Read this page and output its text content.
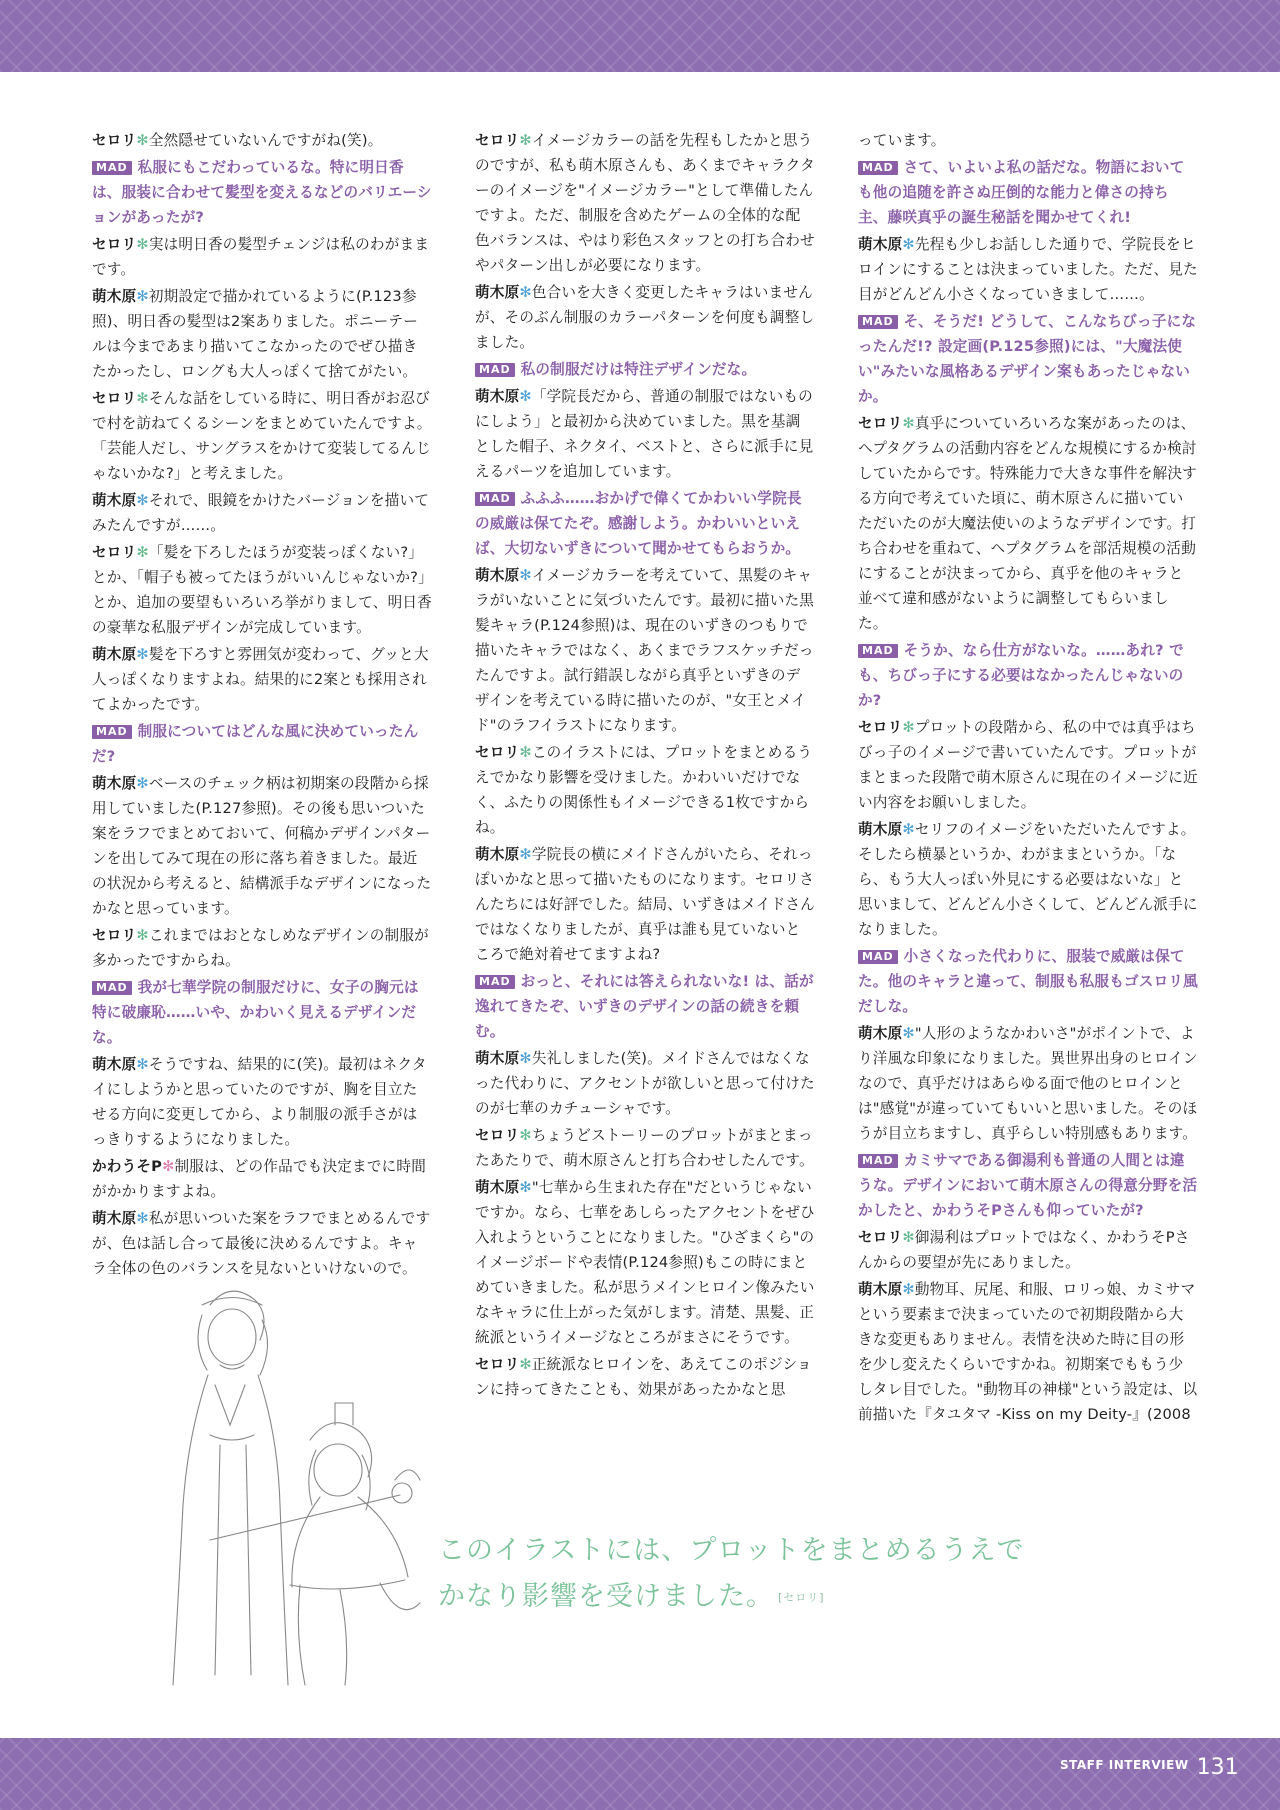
セロリ✻全然隠せていないんですがね(笑)。
MAD 私服にもこだわっているな。特に明日香は、服装に合わせて髪型を変えるなどのバリエーションがあったが?
セロリ✻実は明日香の髪型チェンジは私のわがままです。
萌木原✻初期設定で描かれているように(P.123参照)、明日香の髪型は2案ありました。ポニーテールは今まであまり描いてこなかったのでぜひ描きたかったし、ロングも大人っぽくて捨てがたい。
セロリ✻そんな話をしている時に、明日香がお忍びで村を訪ねてくるシーンをまとめていたんですよ。「芸能人だし、サングラスをかけて変装してるんじゃないかな?」と考えました。
萌木原✻それで、眼鏡をかけたバージョンを描いてみたんですが……。
セロリ✻「髪を下ろしたほうが変装っぽくない?」とか、「帽子も被ってたほうがいいんじゃないか?」とか、追加の要望もいろいろ挙がりまして、明日香の豪華な私服デザインが完成しています。
萌木原✻髪を下ろすと雰囲気が変わって、グッと大人っぽくなりますよね。結果的に2案とも採用されてよかったです。
MAD 制服についてはどんな風に決めていったんだ?
萌木原✻ベースのチェック柄は初期案の段階から採用していました(P.127参照)。その後も思いついた案をラフでまとめておいて、何稿かデザインパターンを出してみて現在の形に落ち着きました。最近の状況から考えると、結構派手なデザインになったかなと思っています。
セロリ✻これまではおとなしめなデザインの制服が多かったですからね。
MAD 我が七華学院の制服だけに、女子の胸元は特に破廉恥……いや、かわいく見えるデザインだな。
萌木原✻そうですね、結果的に(笑)。最初はネクタイにしようかと思っていたのですが、胸を目立たせる方向に変更してから、より制服の派手さがはっきりするようになりました。
かわうそP✻制服は、どの作品でも決定までに時間がかかりますよね。
萌木原✻私が思いついた案をラフでまとめるんですが、色は話し合って最後に決めるんですよ。キャラ全体の色のバランスを見ないといけないので。
セロリ✻イメージカラーの話を先程もしたかと思うのですが、私も萌木原さんも、あくまでキャラクターのイメージを"イメージカラー"として準備したんですよ。ただ、制服を含めたゲームの全体的な配色バランスは、やはり彩色スタッフとの打ち合わせやパターン出しが必要になります。
萌木原✻色合いを大きく変更したキャラはいませんが、そのぶん制服のカラーパターンを何度も調整しました。
MAD 私の制服だけは特注デザインだな。
萌木原✻「学院長だから、普通の制服ではないものにしよう」と最初から決めていました。黒を基調とした帽子、ネクタイ、ベストと、さらに派手に見えるパーツを追加しています。
MAD ふふふ……おかげで偉くてかわいい学院長の威厳は保てたぞ。感謝しよう。かわいいといえば、大切ないずきについて聞かせてもらおうか。
萌木原✻イメージカラーを考えていて、黒髪のキャラがいないことに気づいたんです。最初に描いた黒髪キャラ(P.124参照)は、現在のいずきのつもりで描いたキャラではなく、あくまでラフスケッチだったんですよ。試行錯誤しながら真乎といずきのデザインを考えている時に描いたのが、"女王とメイド"のラフイラストになります。
セロリ✻このイラストには、プロットをまとめるうえでかなり影響を受けました。かわいいだけでなく、ふたりの関係性もイメージできる1枚ですからね。
萌木原✻学院長の横にメイドさんがいたら、それっぽいかなと思って描いたものになります。セロリさんたちには好評でした。結局、いずきはメイドさんではなくなりましたが、真乎は誰も見ていないところで絶対着せてますよね?
MAD おっと、それには答えられないな! は、話が逸れてきたぞ、いずきのデザインの話の続きを頼む。
萌木原✻失礼しました(笑)。メイドさんではなくなった代わりに、アクセントが欲しいと思って付けたのが七華のカチューシャです。
セロリ✻ちょうどストーリーのプロットがまとまったあたりで、萌木原さんと打ち合わせしたんです。
萌木原✻"七華から生まれた存在"だというじゃないですか。なら、七華をあしらったアクセントをぜひ入れようということになりました。"ひざまくら"のイメージボードや表情(P.124参照)もこの時にまとめていきました。私が思うメインヒロイン像みたいなキャラに仕上がった気がします。清楚、黒髪、正統派というイメージなところがまさにそうです。
セロリ✻正統派なヒロインを、あえてこのポジションに持ってきたことも、効果があったかなと思
っています。
MAD さて、いよいよ私の話だな。物語においても他の追随を許さぬ圧倒的な能力と偉さの持ち主、藤咲真乎の誕生秘話を聞かせてくれ!
萌木原✻先程も少しお話しした通りで、学院長をヒロインにすることは決まっていました。ただ、見た目がどんどん小さくなっていきまして……。
MAD そ、そうだ! どうして、こんなちびっ子になったんだ!? 設定画(P.125参照)には、"大魔法使い"みたいな風格あるデザイン案もあったじゃないか。
セロリ✻真乎についていろいろな案があったのは、ヘプタグラムの活動内容をどんな規模にするか検討していたからです。特殊能力で大きな事件を解決する方向で考えていた頃に、萌木原さんに描いていただいたのが大魔法使いのようなデザインです。打ち合わせを重ねて、ヘプタグラムを部活規模の活動にすることが決まってから、真乎を他のキャラと並べて違和感がないように調整してもらいました。
MAD そうか、なら仕方がないな。……あれ? でも、ちびっ子にする必要はなかったんじゃないのか?
セロリ✻プロットの段階から、私の中では真乎はちびっ子のイメージで書いていたんです。プロットがまとまった段階で萌木原さんに現在のイメージに近い内容をお願いしました。
萌木原✻セリフのイメージをいただいたんですよ。そしたら横暴というか、わがままというか。「なら、もう大人っぽい外見にする必要はないな」と思いまして、どんどん小さくして、どんどん派手になりました。
MAD 小さくなった代わりに、服装で威厳は保てた。他のキャラと違って、制服も私服もゴスロリ風だしな。
萌木原✻"人形のようなかわいさ"がポイントで、より洋風な印象になりました。異世界出身のヒロインなので、真乎だけはあらゆる面で他のヒロインとは"感覚"が違っていてもいいと思いました。そのほうが目立ちますし、真乎らしい特別感もあります。
MAD カミサマである御湯利も普通の人間とは違うな。デザインにおいて萌木原さんの得意分野を活かしたと、かわうそPさんも仰っていたが?
セロリ✻御湯利はプロットではなく、かわうそPさんからの要望が先にありました。
萌木原✻動物耳、尻尾、和服、ロリっ娘、カミサマという要素まで決まっていたので初期段階から大きな変更もありません。表情を決めた時に目の形を少し変えたくらいですかね。初期案でももう少しタレ目でした。"動物耳の神様"という設定は、以前描いた『タユタマ -Kiss on my Deity-』(2008
このイラストには、プロットをまとめるうえで
かなり影響を受けました。 [セロリ]
$^{STAFF INTERVIEW}$ 131
